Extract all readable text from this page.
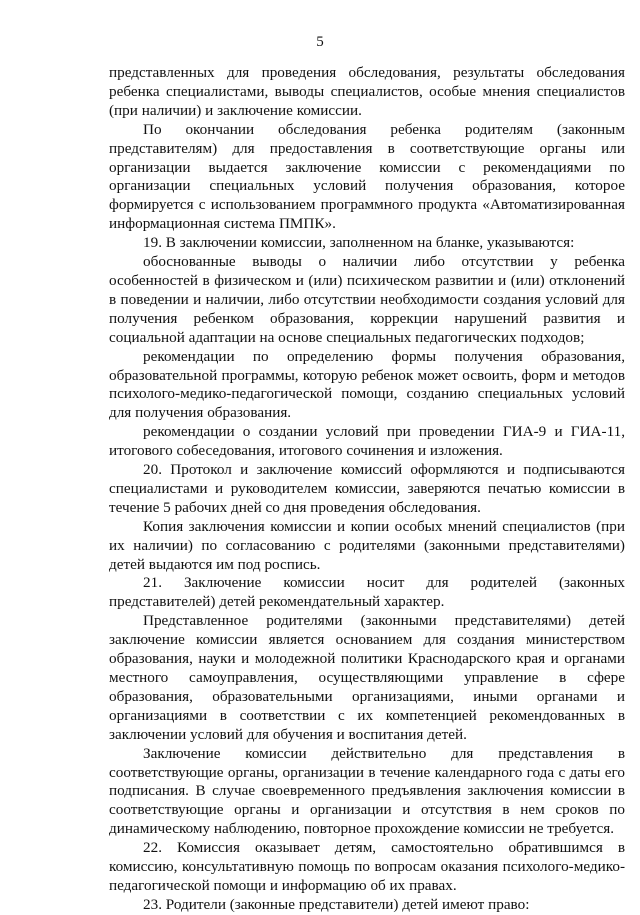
5

представленных для проведения обследования, результаты обследования ребенка специалистами, выводы специалистов, особые мнения специалистов (при наличии) и заключение комиссии.

По окончании обследования ребенка родителям (законным представителям) для предоставления в соответствующие органы или организации выдается заключение комиссии с рекомендациями по организации специальных условий получения образования, которое формируется с использованием программного продукта «Автоматизированная информационная система ПМПК».

19. В заключении комиссии, заполненном на бланке, указываются:

обоснованные выводы о наличии либо отсутствии у ребенка особенностей в физическом и (или) психическом развитии и (или) отклонений в поведении и наличии, либо отсутствии необходимости создания условий для получения ребенком образования, коррекции нарушений развития и социальной адаптации на основе специальных педагогических подходов;

рекомендации по определению формы получения образования, образовательной программы, которую ребенок может освоить, форм и методов психолого-медико-педагогической помощи, созданию специальных условий для получения образования.

рекомендации о создании условий при проведении ГИА-9 и ГИА-11, итогового собеседования, итогового сочинения и изложения.

20. Протокол и заключение комиссий оформляются и подписываются специалистами и руководителем комиссии, заверяются печатью комиссии в течение 5 рабочих дней со дня проведения обследования.

Копия заключения комиссии и копии особых мнений специалистов (при их наличии) по согласованию с родителями (законными представителями) детей выдаются им под роспись.

21. Заключение комиссии носит для родителей (законных представителей) детей рекомендательный характер.

Представленное родителями (законными представителями) детей заключение комиссии является основанием для создания министерством образования, науки и молодежной политики Краснодарского края и органами местного самоуправления, осуществляющими управление в сфере образования, образовательными организациями, иными органами и организациями в соответствии с их компетенцией рекомендованных в заключении условий для обучения и воспитания детей.

Заключение комиссии действительно для представления в соответствующие органы, организации в течение календарного года с даты его подписания. В случае своевременного предъявления заключения комиссии в соответствующие органы и организации и отсутствия в нем сроков по динамическому наблюдению, повторное прохождение комиссии не требуется.

22. Комиссия оказывает детям, самостоятельно обратившимся в комиссию, консультативную помощь по вопросам оказания психолого-медико-педагогической помощи и информацию об их правах.

23. Родители (законные представители) детей имеют право:
